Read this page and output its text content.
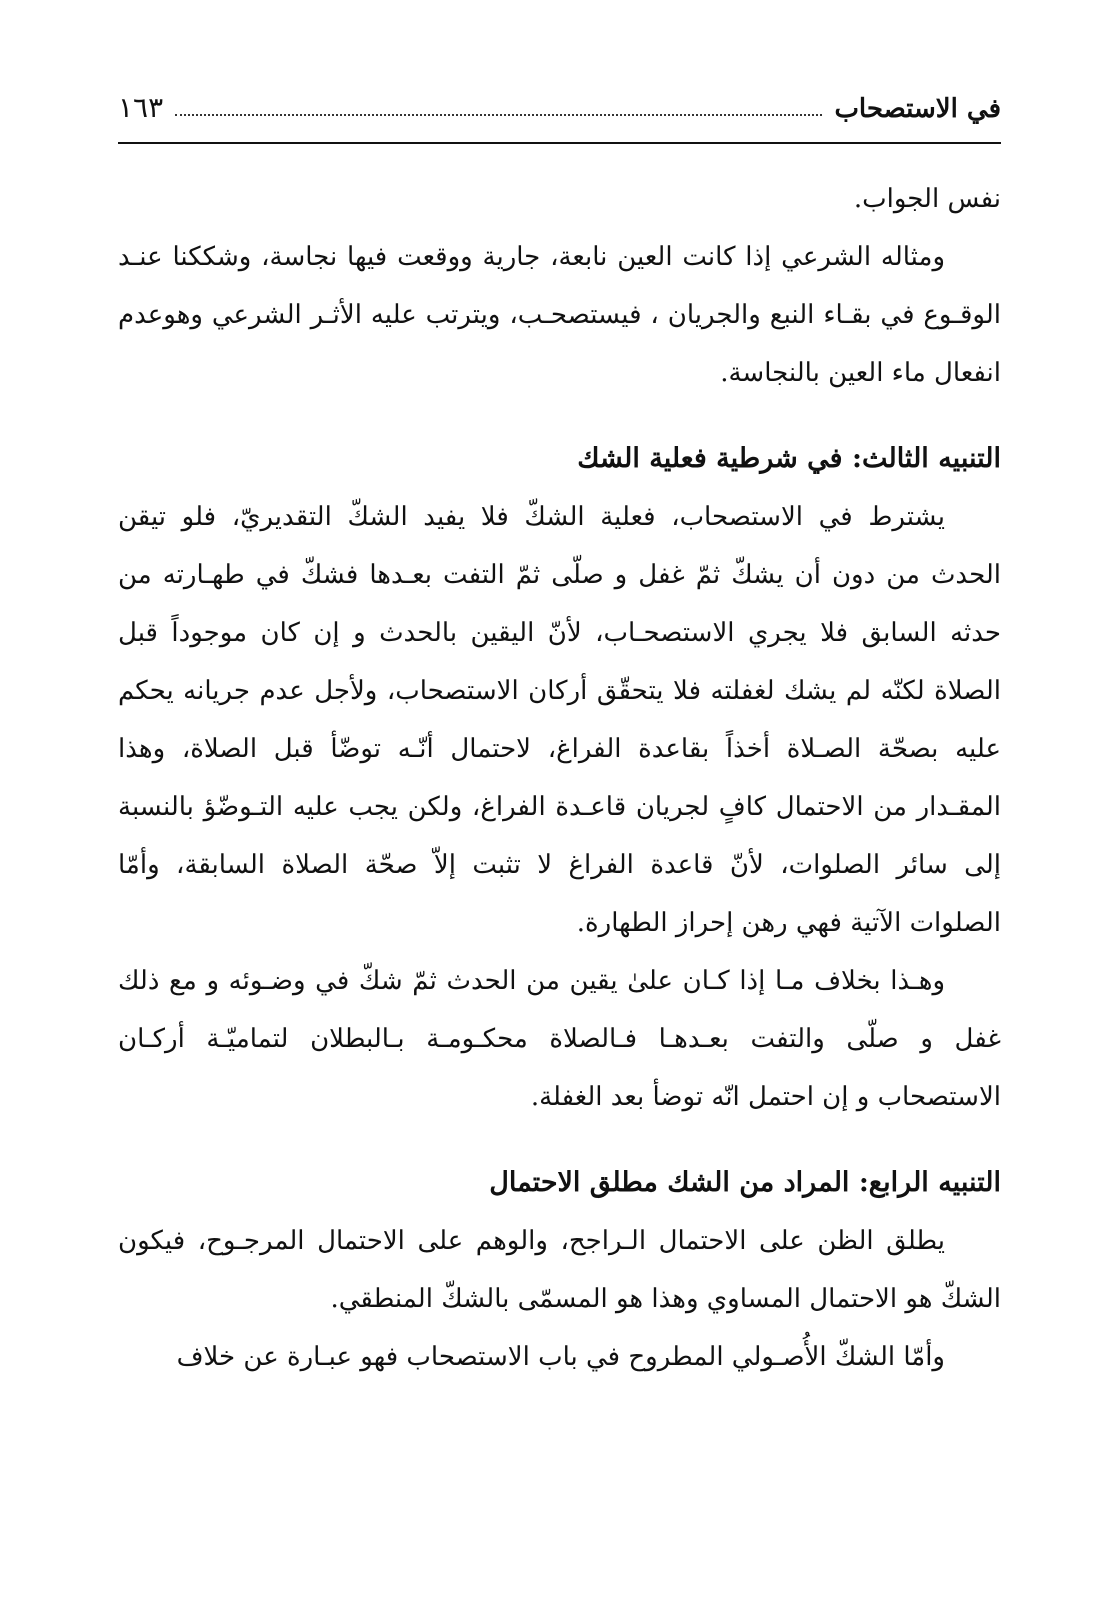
في الاستصحاب
١٦٣

نفس الجواب.

ومثاله الشرعي إذا كانت العين نابعة، جارية ووقعت فيها نجاسة، وشككنا عنـد الوقـوع في بقـاء النبع والجريان ، فيستصحـب، ويترتب عليه الأثـر الشرعي وهوعدم انفعال ماء العين بالنجاسة.

التنبيه الثالث: في شرطية فعلية الشك

يشترط في الاستصحاب، فعلية الشكّ فلا يفيد الشكّ التقديريّ، فلو تيقن الحدث من دون أن يشكّ ثمّ غفل و صلّى ثمّ التفت بعـدها فشكّ في طهـارته من حدثه السابق فلا يجري الاستصحـاب، لأنّ اليقين بالحدث و إن كان موجوداً قبل الصلاة لكنّه لم يشك لغفلته فلا يتحقّق أركان الاستصحاب، ولأجل عدم جريانه يحكم عليه بصحّة الصـلاة أخذاً بقاعدة الفراغ، لاحتمال أنّـه توضّأ قبل الصلاة، وهذا المقـدار من الاحتمال كافٍ لجريان قاعـدة الفراغ، ولكن يجب عليه التـوضّؤ بالنسبة إلى سائر الصلوات، لأنّ قاعدة الفراغ لا تثبت إلاّ صحّة الصلاة السابقة، وأمّا الصلوات الآتية فهي رهن إحراز الطهارة.

وهـذا بخلاف مـا إذا كـان علىٰ يقين من الحدث ثمّ شكّ في وضـوئه و مع ذلك غفل و صلّى والتفت بعـدهـا فـالصلاة محكـومـة بـالبطلان لتماميّـة أركـان الاستصحاب و إن احتمل انّه توضأ بعد الغفلة.

التنبيه الرابع: المراد من الشك مطلق الاحتمال

يطلق الظن على الاحتمال الـراجح، والوهم على الاحتمال المرجـوح، فيكون الشكّ هو الاحتمال المساوي وهذا هو المسمّى بالشكّ المنطقي.

وأمّا الشكّ الأُصـولي المطروح في باب الاستصحاب فهو عبـارة عن خلاف
